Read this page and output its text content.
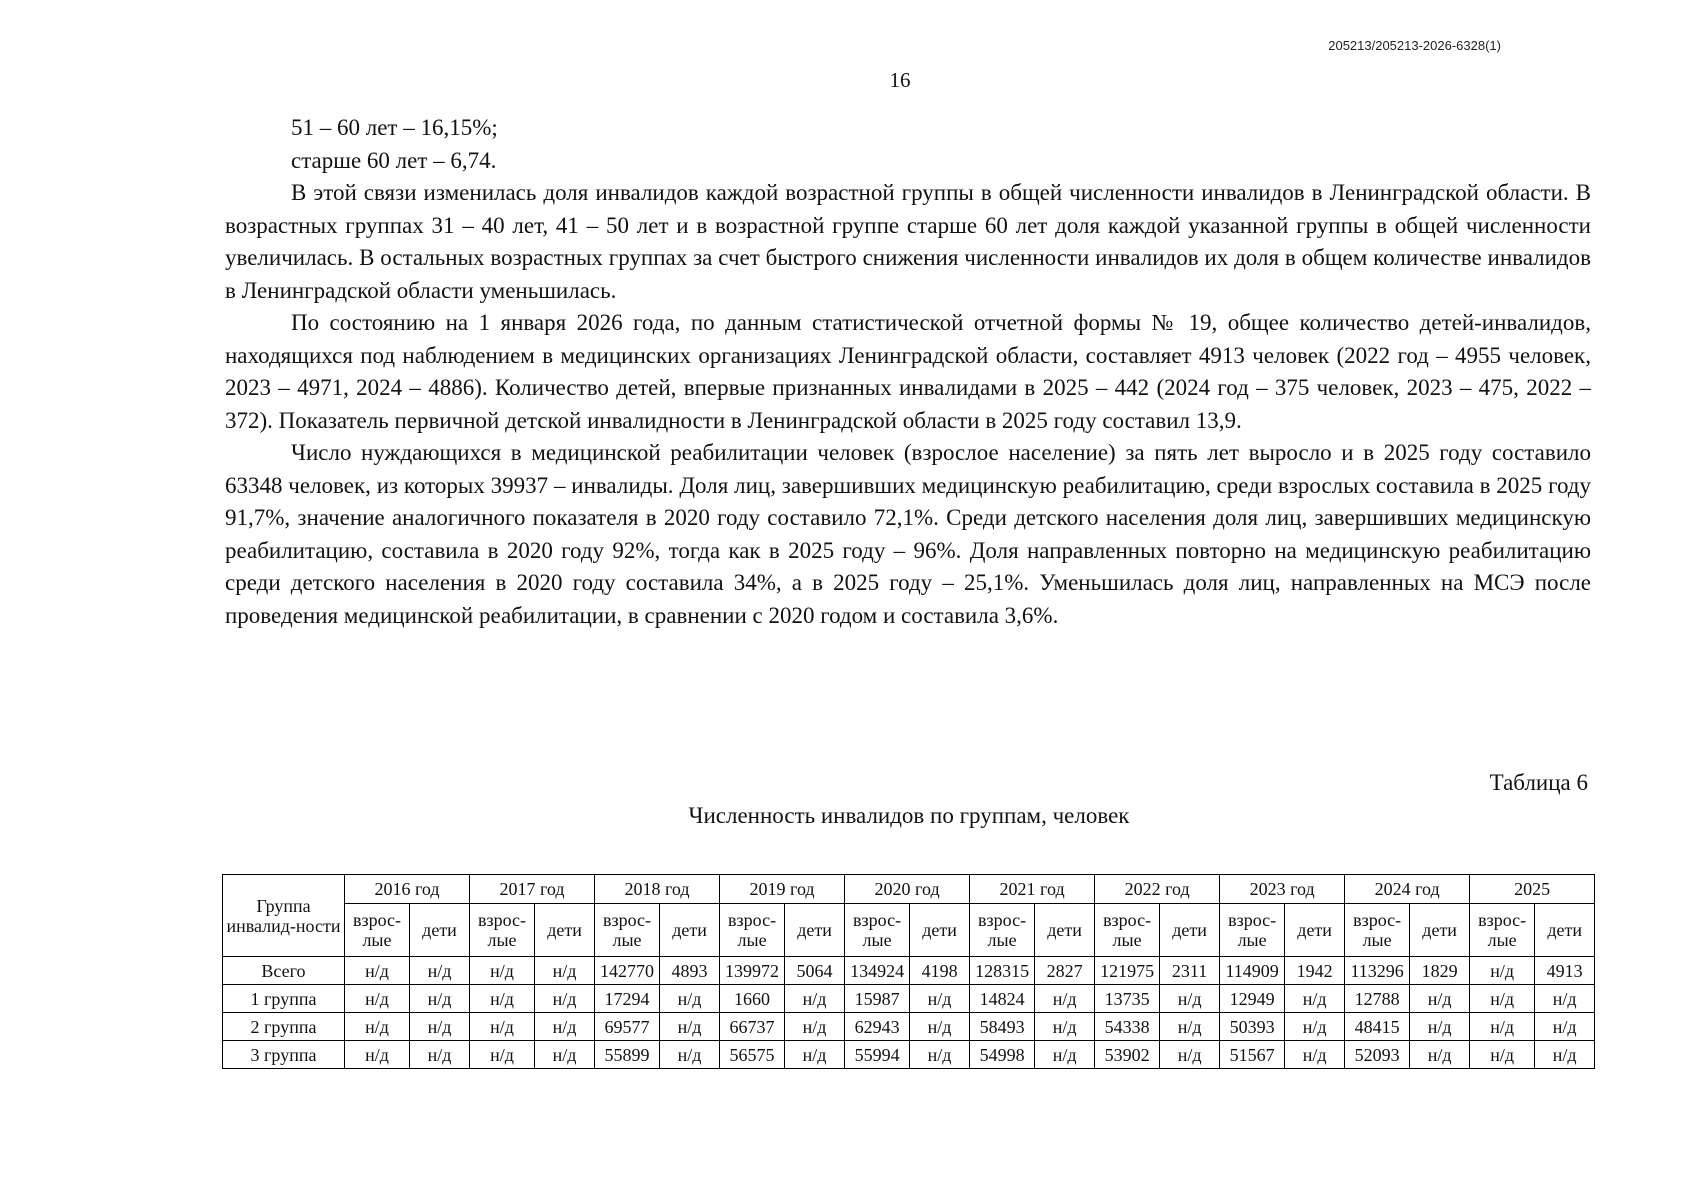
205213/205213-2026-6328(1)
16

51 – 60 лет – 16,15%;

старше 60 лет – 6,74.

В этой связи изменилась доля инвалидов каждой возрастной группы в общей численности инвалидов в Ленинградской области. В возрастных группах 31 – 40 лет, 41 – 50 лет и в возрастной группе старше 60 лет доля каждой указанной группы в общей численности увеличилась. В остальных возрастных группах за счет быстрого снижения численности инвалидов их доля в общем количестве инвалидов в Ленинградской области уменьшилась.

По состоянию на 1 января 2026 года, по данным статистической отчетной формы № 19, общее количество детей-инвалидов, находящихся под наблюдением в медицинских организациях Ленинградской области, составляет 4913 человек (2022 год – 4955 человек, 2023 – 4971, 2024 – 4886). Количество детей, впервые признанных инвалидами в 2025 – 442 (2024 год – 375 человек, 2023 – 475, 2022 – 372). Показатель первичной детской инвалидности в Ленинградской области в 2025 году составил 13,9.

Число нуждающихся в медицинской реабилитации человек (взрослое население) за пять лет выросло и в 2025 году составило 63348 человек, из которых 39937 – инвалиды. Доля лиц, завершивших медицинскую реабилитацию, среди взрослых составила в 2025 году 91,7%, значение аналогичного показателя в 2020 году составило 72,1%. Среди детского населения доля лиц, завершивших медицинскую реабилитацию, составила в 2020 году 92%, тогда как в 2025 году – 96%. Доля направленных повторно на медицинскую реабилитацию среди детского населения в 2020 году составила 34%, а в 2025 году – 25,1%. Уменьшилась доля лиц, направленных на МСЭ после проведения медицинской реабилитации, в сравнении с 2020 годом и составила 3,6%.

Таблица 6
Численность инвалидов по группам, человек
Группа инвалид-ности	2016 год		2017 год		2018 год		2019 год		2020 год		2021 год		2022 год		2023 год		2024 год		2025	
	взрос-лые	дети	взрос-лые	дети	взрос-лые	дети	взрос-лые	дети	взрос-лые	дети	взрос-лые	дети	взрос-лые	дети	взрос-лые	дети	взрос-лые	дети	взрос-лые	дети
Всего	н/д	н/д	н/д	н/д	142770	4893	139972	5064	134924	4198	128315	2827	121975	2311	114909	1942	113296	1829	н/д	4913
1 группа	н/д	н/д	н/д	н/д	17294	н/д	1660	н/д	15987	н/д	14824	н/д	13735	н/д	12949	н/д	12788	н/д	н/д	н/д
2 группа	н/д	н/д	н/д	н/д	69577	н/д	66737	н/д	62943	н/д	58493	н/д	54338	н/д	50393	н/д	48415	н/д	н/д	н/д
3 группа	н/д	н/д	н/д	н/д	55899	н/д	56575	н/д	55994	н/д	54998	н/д	53902	н/д	51567	н/д	52093	н/д	н/д	н/д
